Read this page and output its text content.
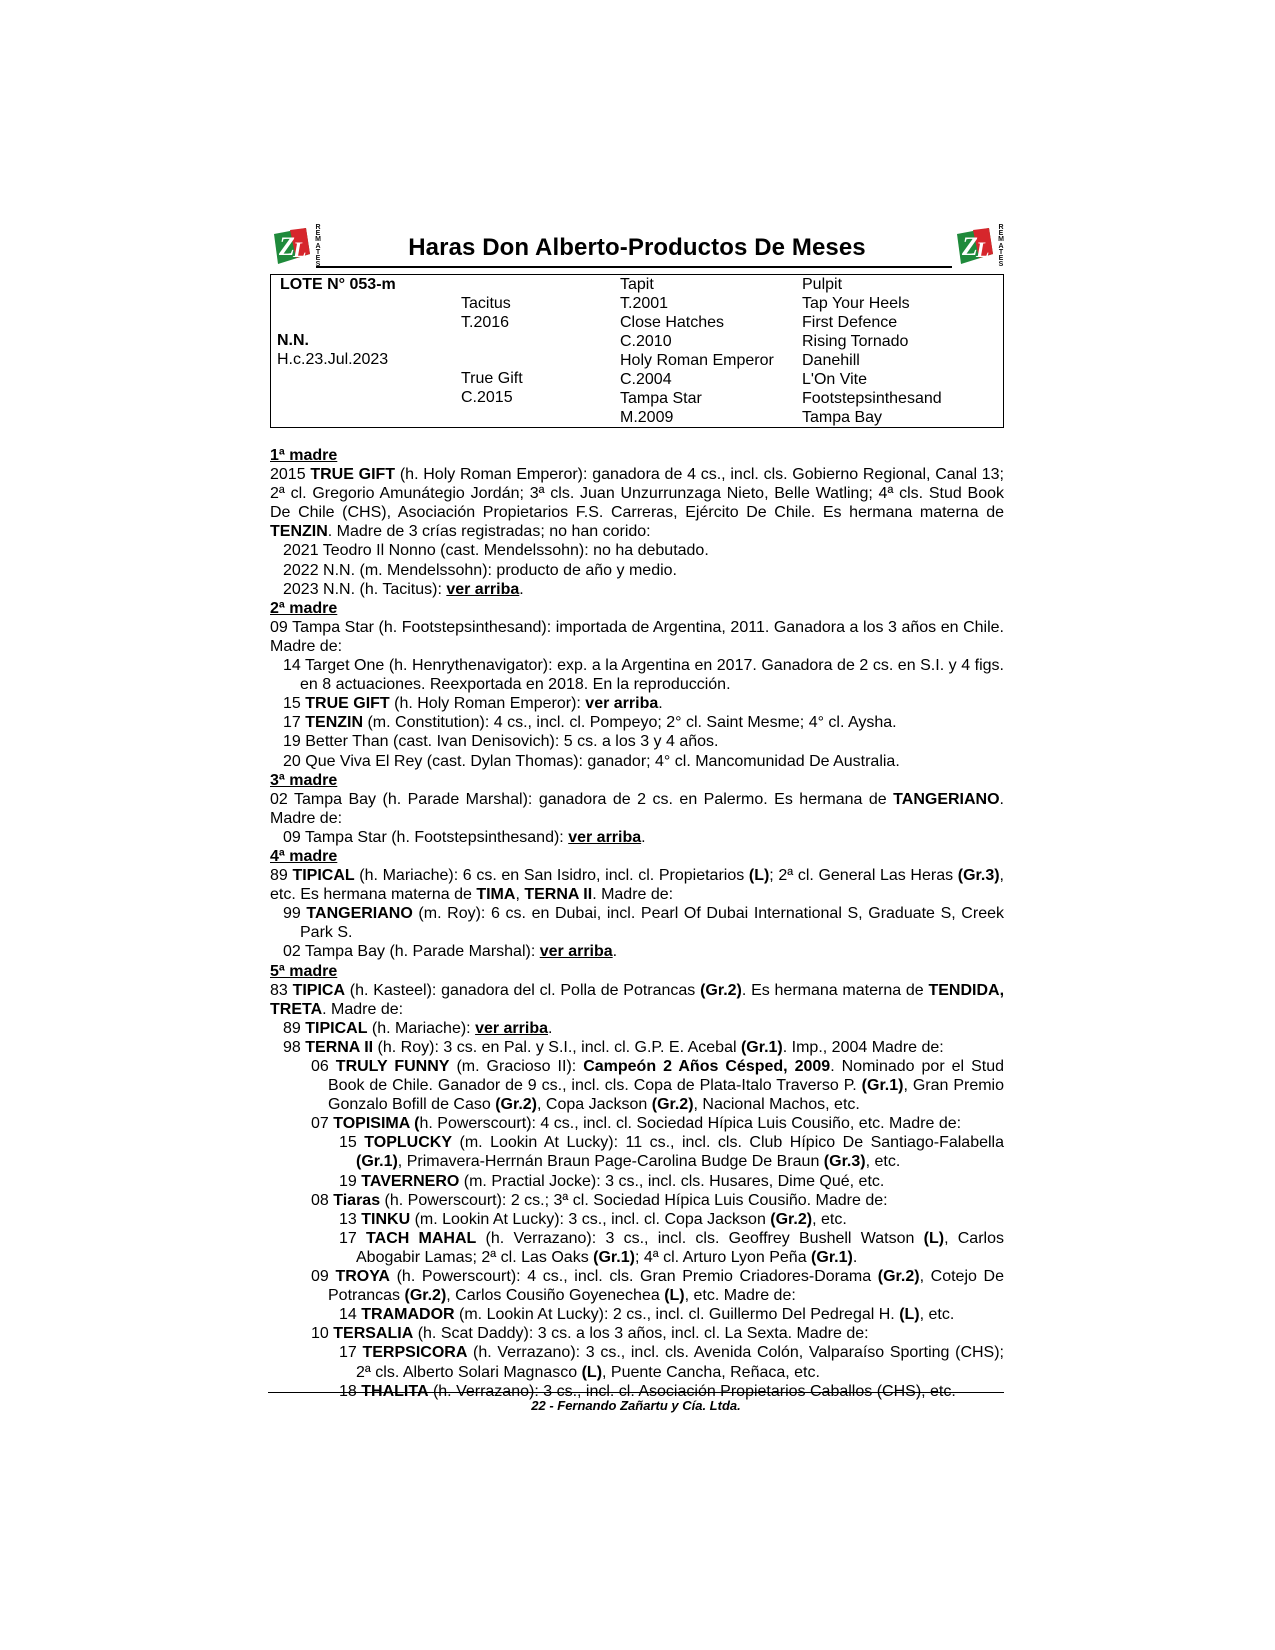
Z
L
R
E
M
A
T
E
S
Haras Don Alberto-Productos De Meses	Z
L
R
E
M
A
T
E
S
LOTE N° 053-m
N.N.
H.c.23.Jul.2023
Tacitus
T.2016
True Gift
C.2015
Tapit
T.2001
Close Hatches
C.2010
Holy Roman Emperor
C.2004
Tampa Star
M.2009
Pulpit
Tap Your Heels
First Defence
Rising Tornado
Danehill
L'On Vite
Footstepsinthesand
Tampa Bay
1ª madre

2015 TRUE GIFT (h. Holy Roman Emperor): ganadora de 4 cs., incl. cls. Gobierno Regional, Canal 13; 2ª cl. Gregorio Amunátegio Jordán; 3ª cls. Juan Unzurrunzaga Nieto, Belle Watling; 4ª cls. Stud Book De Chile (CHS), Asociación Propietarios F.S. Carreras, Ejército De Chile. Es hermana materna de TENZIN. Madre de 3 crías registradas; no han corido:

2021 Teodro Il Nonno (cast. Mendelssohn): no ha debutado.

2022 N.N. (m. Mendelssohn): producto de año y medio.

2023 N.N. (h. Tacitus): ver arriba.

2ª madre

09 Tampa Star (h. Footstepsinthesand): importada de Argentina, 2011. Ganadora a los 3 años en Chile. Madre de:

14 Target One (h. Henrythenavigator): exp. a la Argentina en 2017. Ganadora de 2 cs. en S.I. y 4 figs. en 8 actuaciones. Reexportada en 2018. En la reproducción.

15 TRUE GIFT (h. Holy Roman Emperor): ver arriba.

17 TENZIN (m. Constitution): 4 cs., incl. cl. Pompeyo; 2° cl. Saint Mesme; 4° cl. Aysha.

19 Better Than (cast. Ivan Denisovich): 5 cs. a los 3 y 4 años.

20 Que Viva El Rey (cast. Dylan Thomas): ganador; 4° cl. Mancomunidad De Australia.

3ª madre

02 Tampa Bay (h. Parade Marshal): ganadora de 2 cs. en Palermo. Es hermana de TANGERIANO. Madre de:

09 Tampa Star (h. Footstepsinthesand): ver arriba.

4ª madre

89 TIPICAL (h. Mariache): 6 cs. en San Isidro, incl. cl. Propietarios (L); 2ª cl. General Las Heras (Gr.3), etc. Es hermana materna de TIMA, TERNA II. Madre de:

99 TANGERIANO (m. Roy): 6 cs. en Dubai, incl. Pearl Of Dubai International S, Graduate S, Creek Park S.

02 Tampa Bay (h. Parade Marshal): ver arriba.

5ª madre

83 TIPICA (h. Kasteel): ganadora del cl. Polla de Potrancas (Gr.2). Es hermana materna de TENDIDA, TRETA. Madre de:

89 TIPICAL (h. Mariache): ver arriba.

98 TERNA II (h. Roy): 3 cs. en Pal. y S.I., incl. cl. G.P. E. Acebal (Gr.1). Imp., 2004 Madre de:

06 TRULY FUNNY (m. Gracioso II): Campeón 2 Años Césped, 2009. Nominado por el Stud Book de Chile. Ganador de 9 cs., incl. cls. Copa de Plata-Italo Traverso P. (Gr.1), Gran Premio Gonzalo Bofill de Caso (Gr.2), Copa Jackson (Gr.2), Nacional Machos, etc.

07 TOPISIMA (h. Powerscourt): 4 cs., incl. cl. Sociedad Hípica Luis Cousiño, etc. Madre de:

15 TOPLUCKY (m. Lookin At Lucky): 11 cs., incl. cls. Club Hípico De Santiago-Falabella (Gr.1), Primavera-Herrnán Braun Page-Carolina Budge De Braun (Gr.3), etc.

19 TAVERNERO (m. Practial Jocke): 3 cs., incl. cls. Husares, Dime Qué, etc.

08 Tiaras (h. Powerscourt): 2 cs.; 3ª cl. Sociedad Hípica Luis Cousiño. Madre de:

13 TINKU (m. Lookin At Lucky): 3 cs., incl. cl. Copa Jackson (Gr.2), etc.

17 TACH MAHAL (h. Verrazano): 3 cs., incl. cls. Geoffrey Bushell Watson (L), Carlos Abogabir Lamas; 2ª cl. Las Oaks (Gr.1); 4ª cl. Arturo Lyon Peña (Gr.1).

09 TROYA (h. Powerscourt): 4 cs., incl. cls. Gran Premio Criadores-Dorama (Gr.2), Cotejo De Potrancas (Gr.2), Carlos Cousiño Goyenechea (L), etc. Madre de:

14 TRAMADOR (m. Lookin At Lucky): 2 cs., incl. cl. Guillermo Del Pedregal H. (L), etc.

10 TERSALIA (h. Scat Daddy): 3 cs. a los 3 años, incl. cl. La Sexta. Madre de:

17 TERPSICORA (h. Verrazano): 3 cs., incl. cls. Avenida Colón, Valparaíso Sporting (CHS); 2ª cls. Alberto Solari Magnasco (L), Puente Cancha, Reñaca, etc.

18 THALITA (h. Verrazano): 3 cs., incl. cl. Asociación Propietarios Caballos (CHS), etc.

22 - Fernando Zañartu y Cía. Ltda.
